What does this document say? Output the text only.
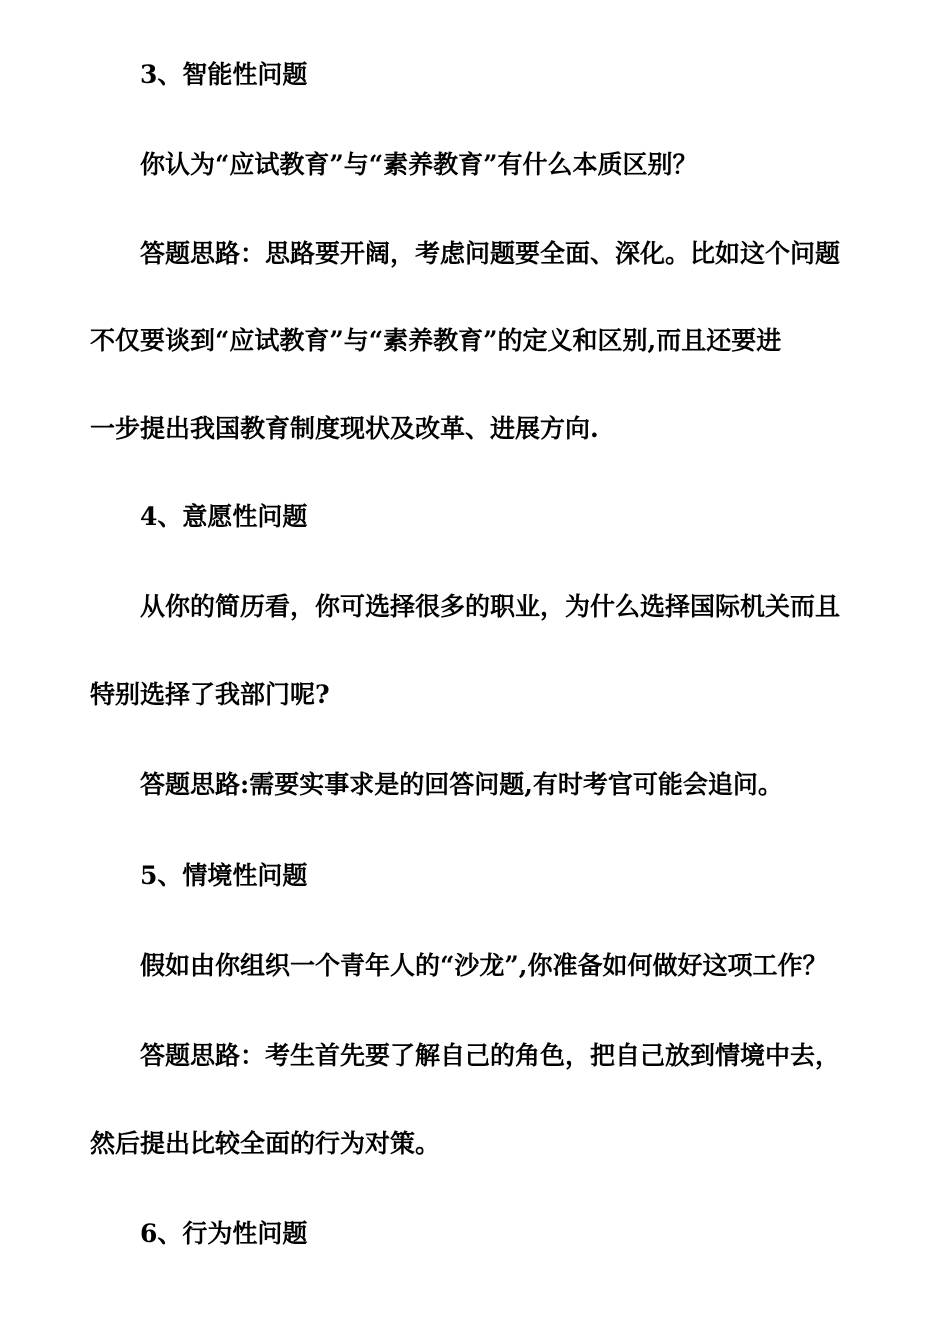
3、智能性问题
你认为“应试教育”与“素养教育”有什么本质区别？
答题思路：思路要开阔，考虑问题要全面、深化。比如这个问题
不仅要谈到“应试教育”与“素养教育”的定义和区别,而且还要进
一步提出我国教育制度现状及改革、进展方向.
4、意愿性问题
从你的简历看，你可选择很多的职业，为什么选择国际机关而且
特别选择了我部门呢?
答题思路:需要实事求是的回答问题,有时考官可能会追问。
5、情境性问题
假如由你组织一个青年人的“沙龙”,你准备如何做好这项工作？
答题思路：考生首先要了解自己的角色，把自己放到情境中去，
然后提出比较全面的行为对策。
6、行为性问题
